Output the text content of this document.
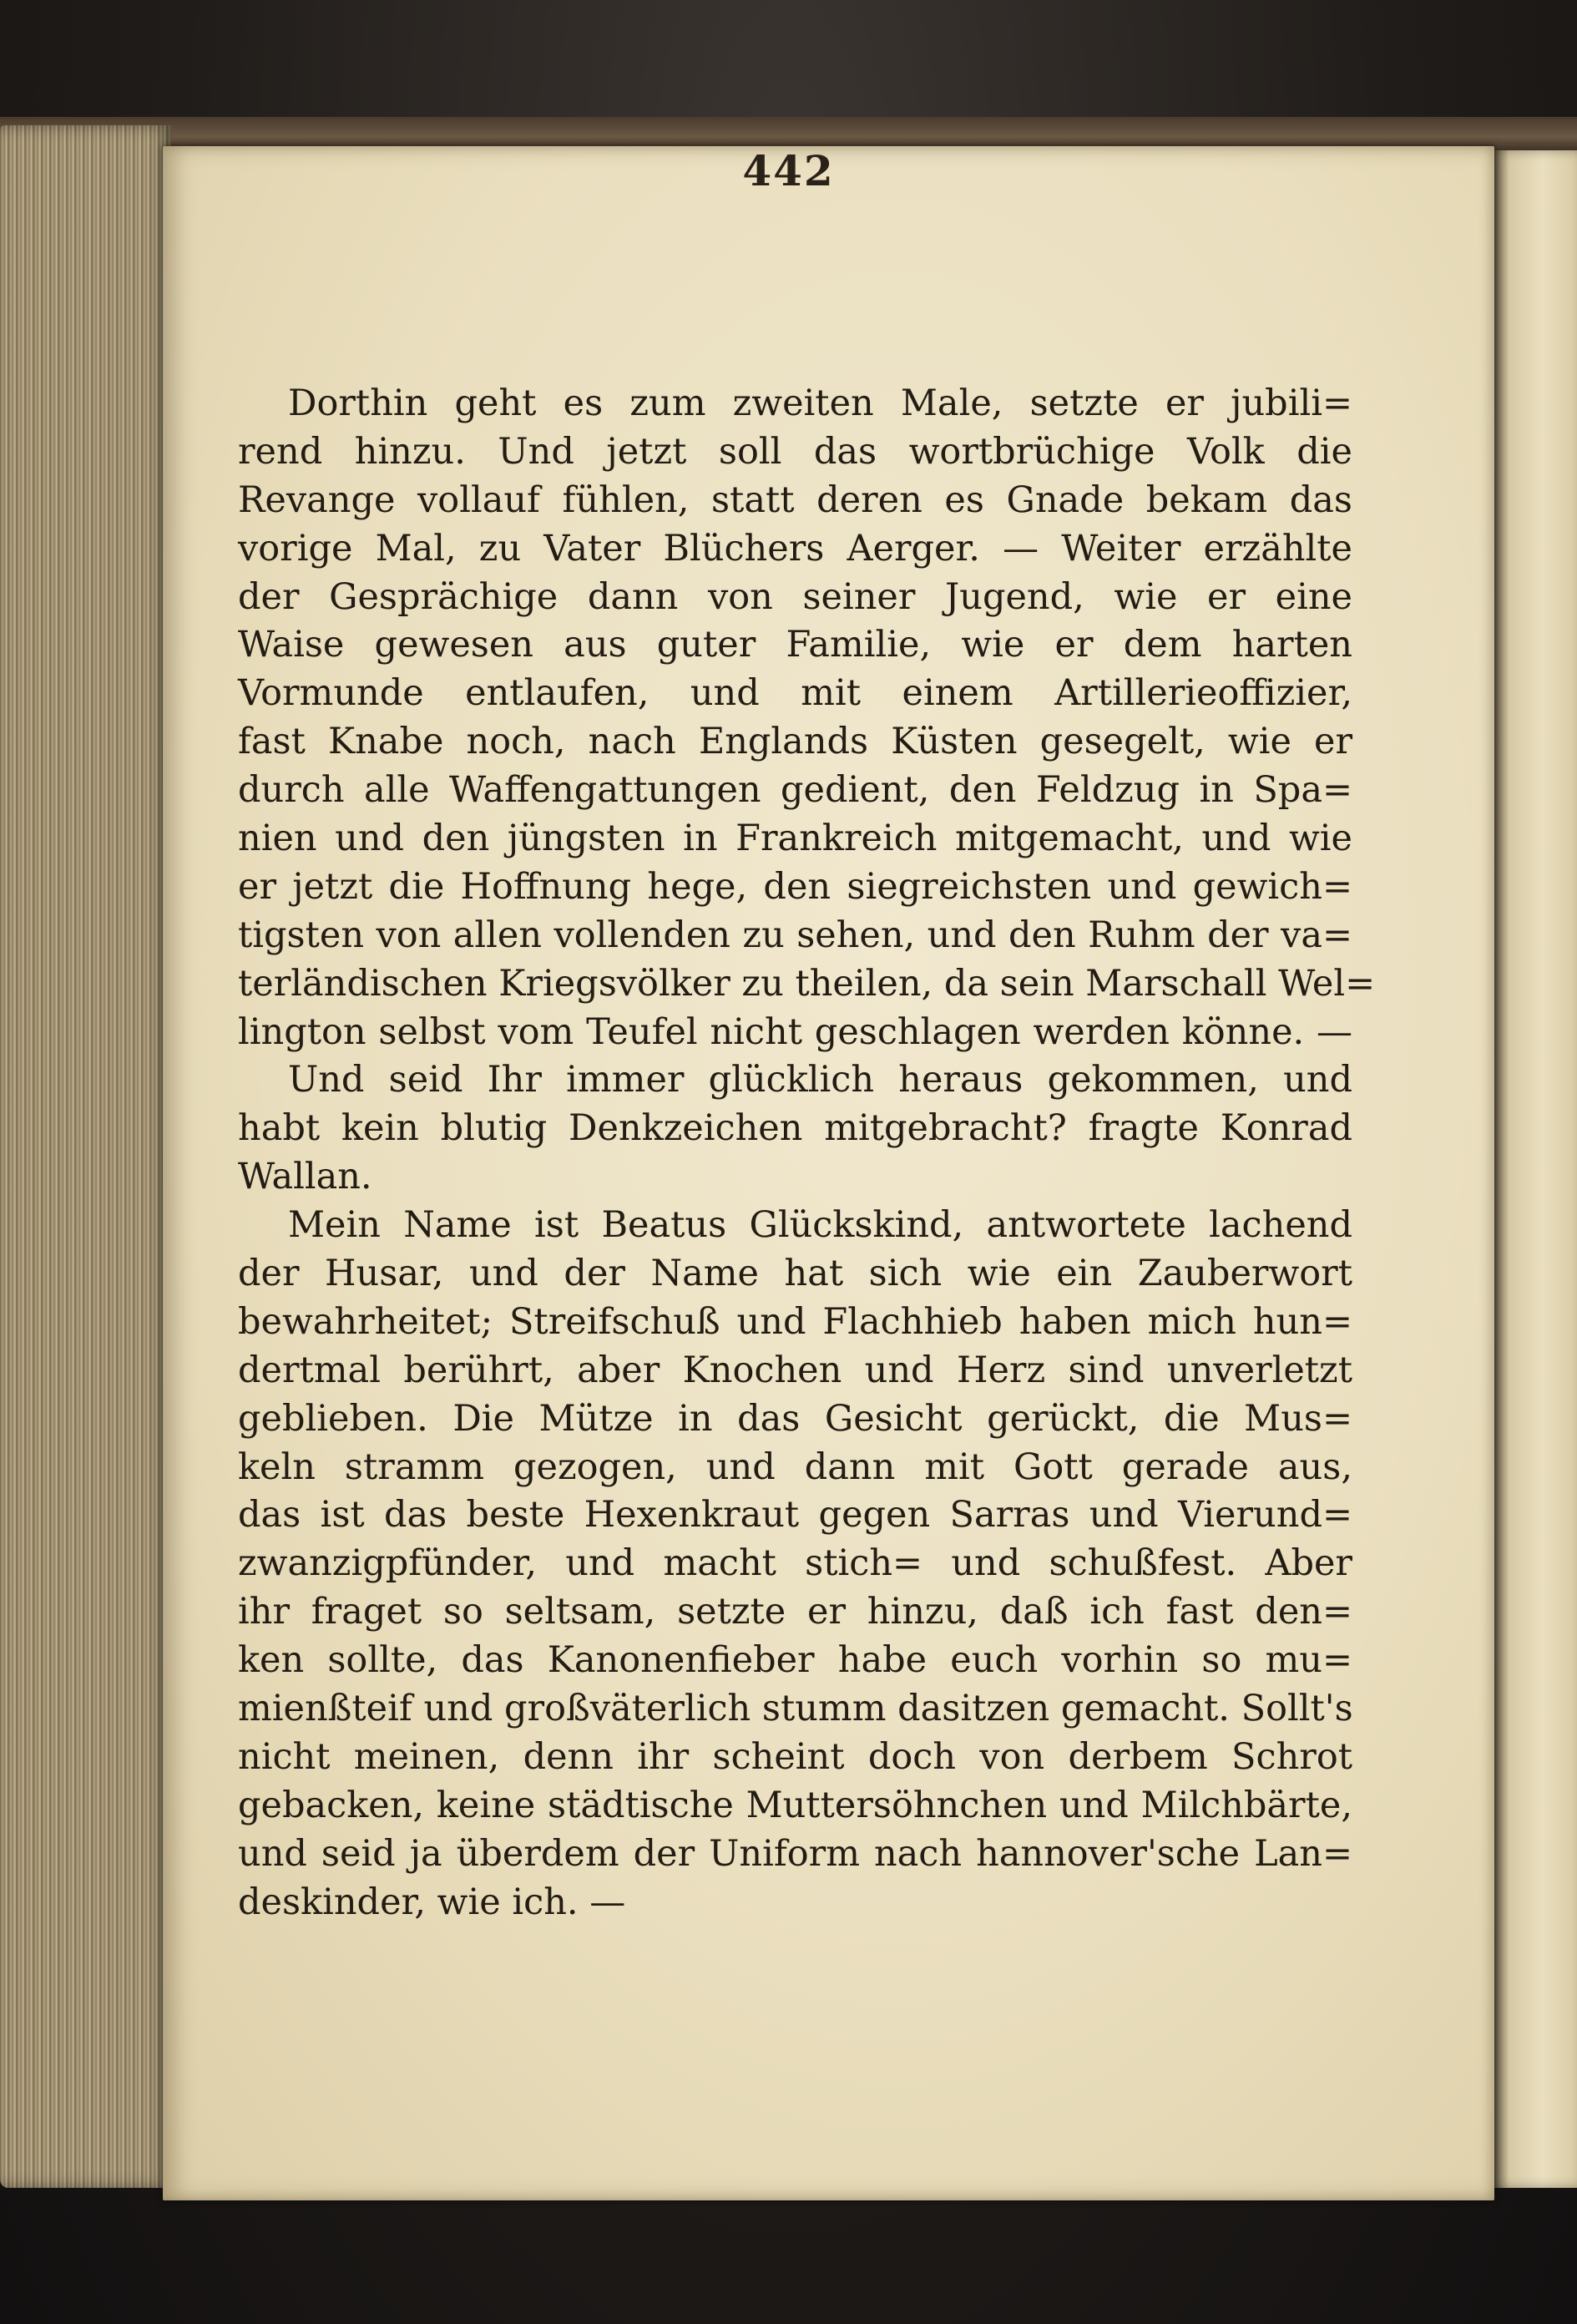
442
Dorthin geht es zum zweiten Male, setzte er jubili=
rend hinzu. Und jetzt soll das wortbrüchige Volk die
Revange vollauf fühlen, statt deren es Gnade bekam das
vorige Mal, zu Vater Blüchers Aerger. — Weiter erzählte
der Gesprächige dann von seiner Jugend, wie er eine
Waise gewesen aus guter Familie, wie er dem harten
Vormunde entlaufen, und mit einem Artillerieoffizier,
fast Knabe noch, nach Englands Küsten gesegelt, wie er
durch alle Waffengattungen gedient, den Feldzug in Spa=
nien und den jüngsten in Frankreich mitgemacht, und wie
er jetzt die Hoffnung hege, den siegreichsten und gewich=
tigsten von allen vollenden zu sehen, und den Ruhm der va=
terländischen Kriegsvölker zu theilen, da sein Marschall Wel=
lington selbst vom Teufel nicht geschlagen werden könne. —
Und seid Ihr immer glücklich heraus gekommen, und
habt kein blutig Denkzeichen mitgebracht? fragte Konrad
Wallan.
Mein Name ist Beatus Glückskind, antwortete lachend
der Husar, und der Name hat sich wie ein Zauberwort
bewahrheitet; Streifschuß und Flachhieb haben mich hun=
dertmal berührt, aber Knochen und Herz sind unverletzt
geblieben. Die Mütze in das Gesicht gerückt, die Mus=
keln stramm gezogen, und dann mit Gott gerade aus,
das ist das beste Hexenkraut gegen Sarras und Vierund=
zwanzigpfünder, und macht stich= und schußfest. Aber
ihr fraget so seltsam, setzte er hinzu, daß ich fast den=
ken sollte, das Kanonenfieber habe euch vorhin so mu=
mienßteif und großväterlich stumm dasitzen gemacht. Sollt's
nicht meinen, denn ihr scheint doch von derbem Schrot
gebacken, keine städtische Muttersöhnchen und Milchbärte,
und seid ja überdem der Uniform nach hannover'sche Lan=
deskinder, wie ich. —
